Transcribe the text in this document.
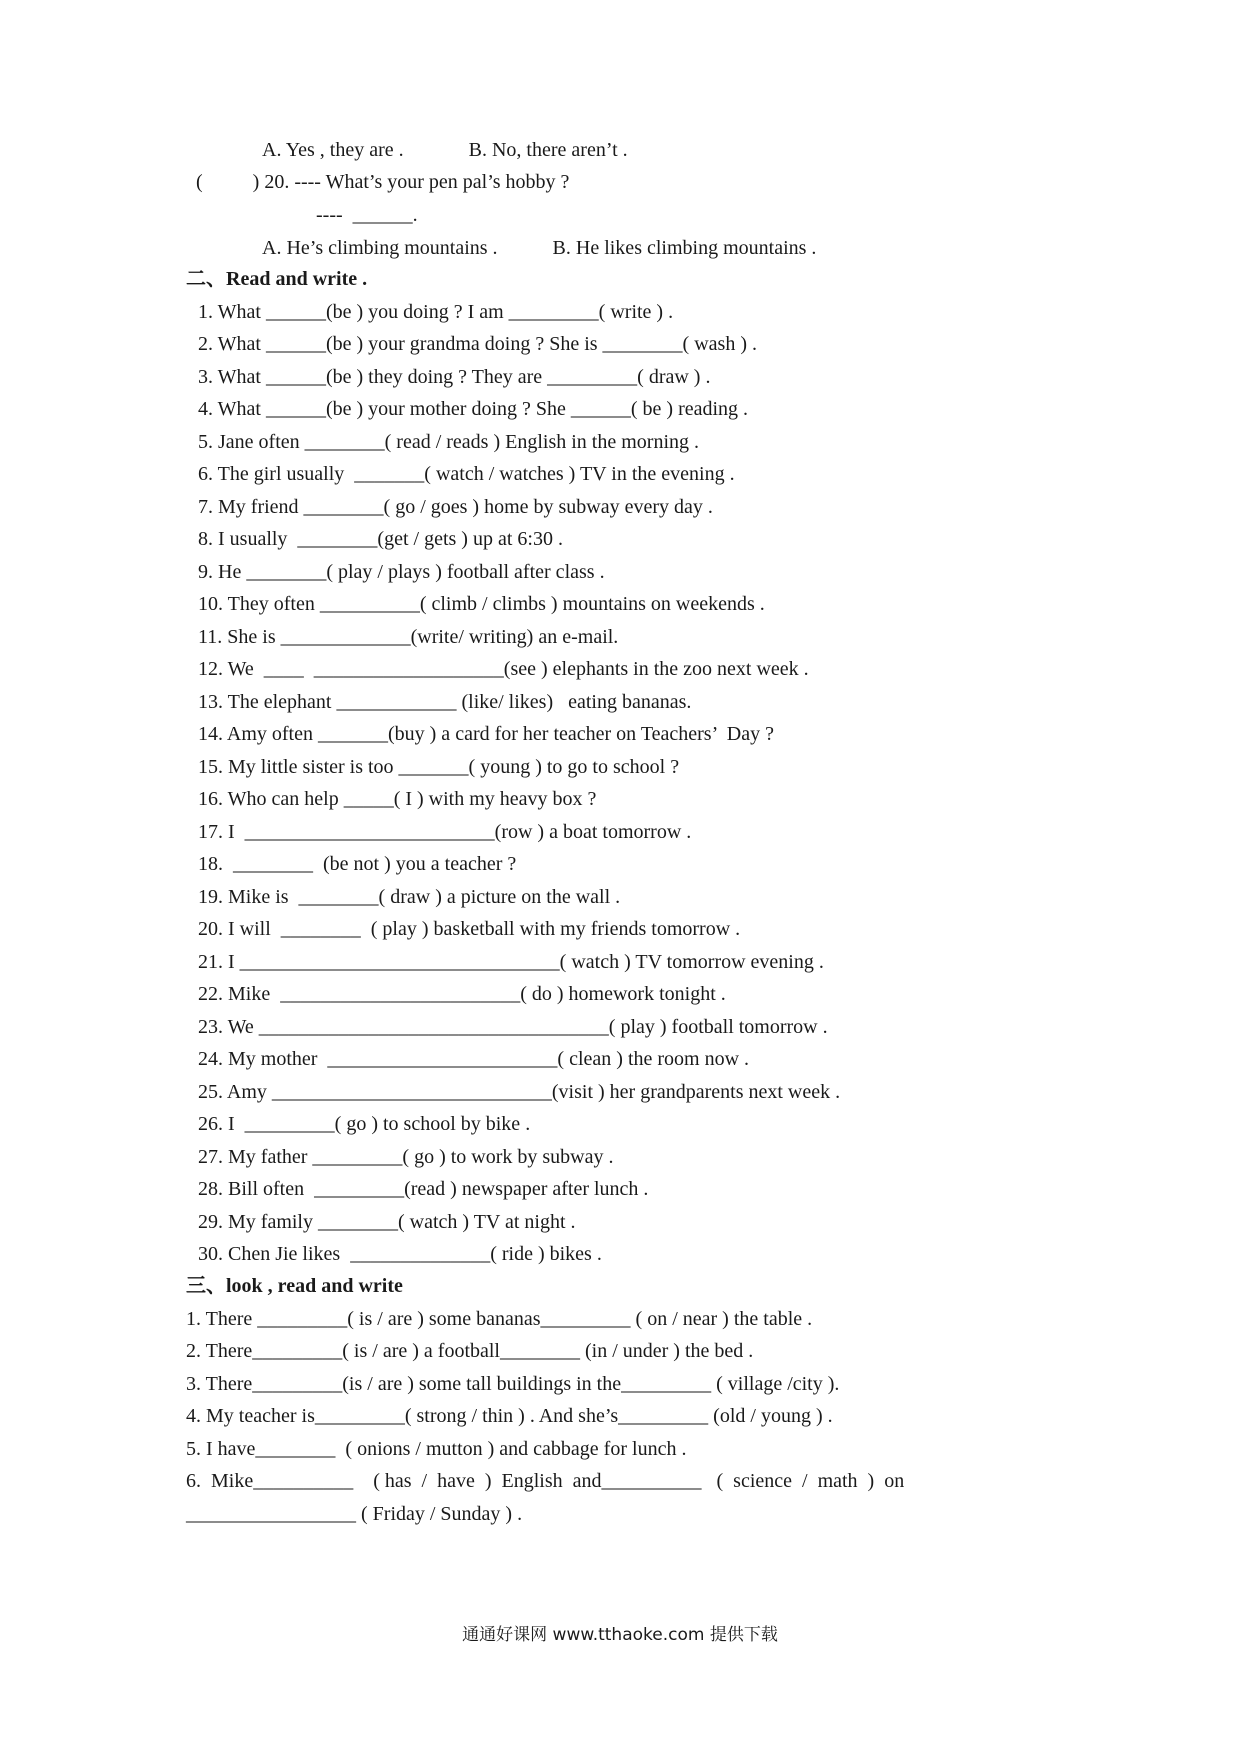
A. Yes , they are .             B. No, there aren’t .
(          ) 20. ---- What’s your pen pal’s hobby ?
----  ______.
A. He’s climbing mountains .           B. He likes climbing mountains .
二、Read and write .
1. What ______(be ) you doing ? I am _________( write ) .
2. What ______(be ) your grandma doing ? She is ________( wash ) .
3. What ______(be ) they doing ? They are _________( draw ) .
4. What ______(be ) your mother doing ? She ______( be ) reading .
5. Jane often ________( read / reads ) English in the morning .
6. The girl usually  _______( watch / watches ) TV in the evening .
7. My friend ________( go / goes ) home by subway every day .
8. I usually  ________(get / gets ) up at 6:30 .
9. He ________( play / plays ) football after class .
10. They often __________( climb / climbs ) mountains on weekends .
11. She is _____________(write/ writing) an e-mail.
12. We  ____  ___________________(see ) elephants in the zoo next week .
13. The elephant ____________ (like/ likes)   eating bananas.
14. Amy often _______(buy ) a card for her teacher on Teachers’  Day ?
15. My little sister is too _______( young ) to go to school ?
16. Who can help _____( I ) with my heavy box ?
17. I  _________________________(row ) a boat tomorrow .
18.  ________  (be not ) you a teacher ?
19. Mike is  ________( draw ) a picture on the wall .
20. I will  ________  ( play ) basketball with my friends tomorrow .
21. I ________________________________( watch ) TV tomorrow evening .
22. Mike  ________________________( do ) homework tonight .
23. We ___________________________________( play ) football tomorrow .
24. My mother  _______________________( clean ) the room now .
25. Amy ____________________________(visit ) her grandparents next week .
26. I  _________( go ) to school by bike .
27. My father _________( go ) to work by subway .
28. Bill often  _________(read ) newspaper after lunch .
29. My family ________( watch ) TV at night .
30. Chen Jie likes  ______________( ride ) bikes .
三、look , read and write
1. There _________( is / are ) some bananas_________ ( on / near ) the table .
2. There_________( is / are ) a football________ (in / under ) the bed .
3. There_________(is / are ) some tall buildings in the_________ ( village /city ).
4. My teacher is_________( strong / thin ) . And she’s_________ (old / young ) .
5. I have________  ( onions / mutton ) and cabbage for lunch .
6.  Mike__________    ( has  /  have  )  English  and__________   (  science  /  math  )  on
_________________ ( Friday / Sunday ) .
通通好课网 www.tthaoke.com 提供下载
